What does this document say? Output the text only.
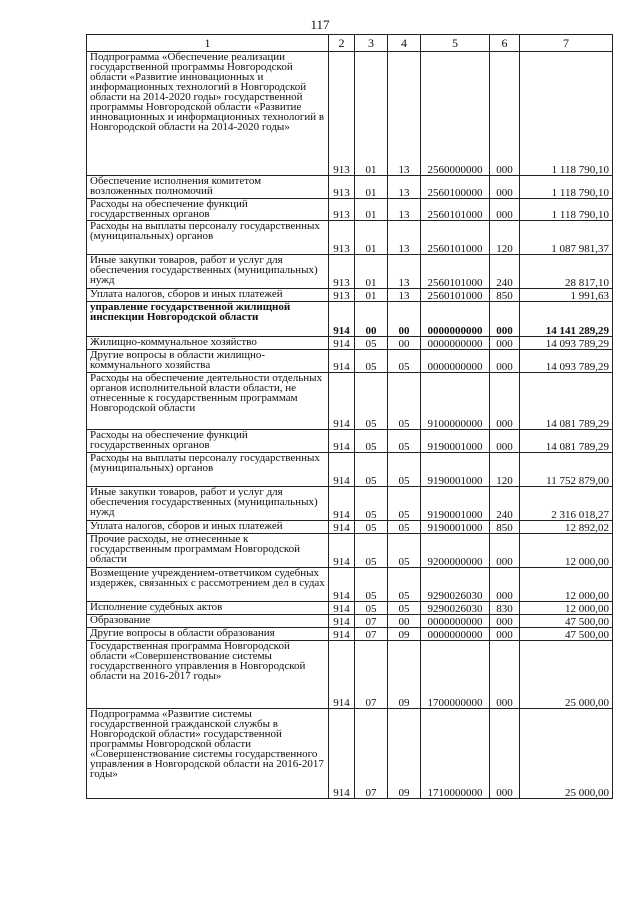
117
1	2	3	4	5	6	7
Подпрограмма «Обеспечение реализации государственной программы Новгородской области «Развитие инновационных и информационных технологий в Новгородской области на 2014-2020 годы» государственной программы Новгородской области «Развитие инновационных и информационных технологий в Новгородской области на 2014-2020 годы»	913	01	13	2560000000	000	1 118 790,10
Обеспечение исполнения комитетом возложенных полномочий	913	01	13	2560100000	000	1 118 790,10
Расходы на обеспечение функций государственных органов	913	01	13	2560101000	000	1 118 790,10
Расходы на выплаты персоналу государственных (муниципальных) органов	913	01	13	2560101000	120	1 087 981,37
Иные закупки товаров, работ и услуг для обеспечения государственных (муниципальных) нужд	913	01	13	2560101000	240	28 817,10
Уплата налогов, сборов и иных платежей	913	01	13	2560101000	850	1 991,63
управление государственной жилищной инспекции Новгородской области	914	00	00	0000000000	000	14 141 289,29
Жилищно-коммунальное хозяйство	914	05	00	0000000000	000	14 093 789,29
Другие вопросы в области жилищно-коммунального хозяйства	914	05	05	0000000000	000	14 093 789,29
Расходы на обеспечение деятельности отдельных органов исполнительной власти области, не отнесенные к государственным программам Новгородской области	914	05	05	9100000000	000	14 081 789,29
Расходы на обеспечение функций государственных органов	914	05	05	9190001000	000	14 081 789,29
Расходы на выплаты персоналу государственных (муниципальных) органов	914	05	05	9190001000	120	11 752 879,00
Иные закупки товаров, работ и услуг для обеспечения государственных (муниципальных) нужд	914	05	05	9190001000	240	2 316 018,27
Уплата налогов, сборов и иных платежей	914	05	05	9190001000	850	12 892,02
Прочие расходы, не отнесенные к государственным программам Новгородской области	914	05	05	9200000000	000	12 000,00
Возмещение учреждением-ответчиком судебных издержек, связанных с рассмотрением дел в судах	914	05	05	9290026030	000	12 000,00
Исполнение судебных актов	914	05	05	9290026030	830	12 000,00
Образование	914	07	00	0000000000	000	47 500,00
Другие вопросы в области образования	914	07	09	0000000000	000	47 500,00
Государственная программа Новгородской области «Совершенствование системы государственного управления в Новгородской области на 2016-2017 годы»	914	07	09	1700000000	000	25 000,00
Подпрограмма «Развитие системы государственной гражданской службы в Новгородской области» государственной программы Новгородской области «Совершенствование системы государственного управления в Новгородской области на 2016-2017 годы»	914	07	09	1710000000	000	25 000,00
